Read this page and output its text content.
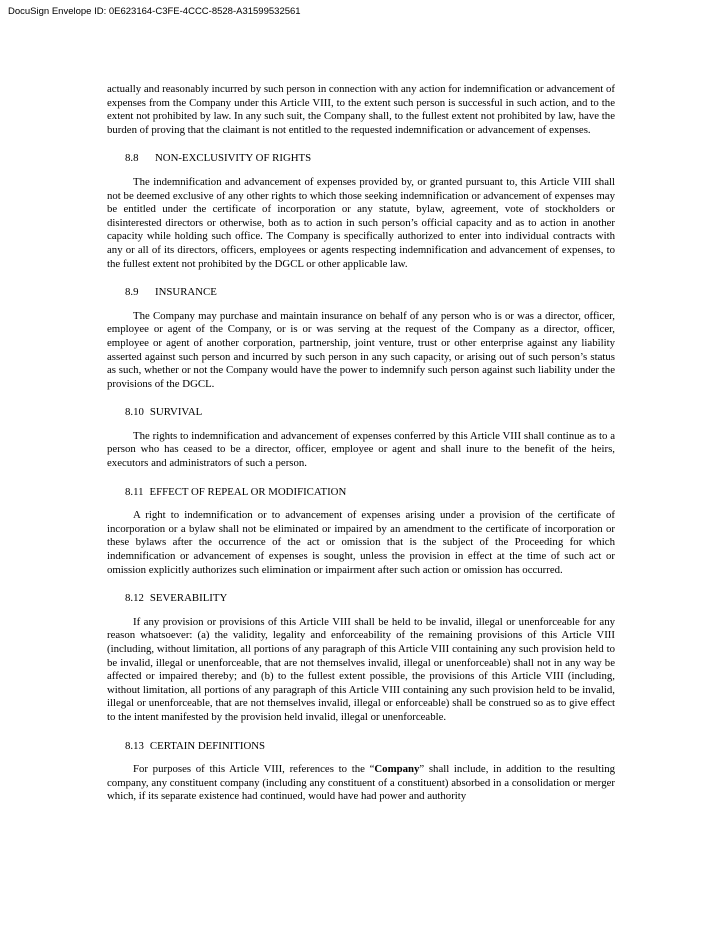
DocuSign Envelope ID: 0E623164-C3FE-4CCC-8528-A31599532561

actually and reasonably incurred by such person in connection with any action for indemnification or advancement of expenses from the Company under this Article VIII, to the extent such person is successful in such action, and to the extent not prohibited by law. In any such suit, the Company shall, to the fullest extent not prohibited by law, have the burden of proving that the claimant is not entitled to the requested indemnification or advancement of expenses.

8.8 NON-EXCLUSIVITY OF RIGHTS

The indemnification and advancement of expenses provided by, or granted pursuant to, this Article VIII shall not be deemed exclusive of any other rights to which those seeking indemnification or advancement of expenses may be entitled under the certificate of incorporation or any statute, bylaw, agreement, vote of stockholders or disinterested directors or otherwise, both as to action in such person’s official capacity and as to action in another capacity while holding such office. The Company is specifically authorized to enter into individual contracts with any or all of its directors, officers, employees or agents respecting indemnification and advancement of expenses, to the fullest extent not prohibited by the DGCL or other applicable law.

8.9 INSURANCE

The Company may purchase and maintain insurance on behalf of any person who is or was a director, officer, employee or agent of the Company, or is or was serving at the request of the Company as a director, officer, employee or agent of another corporation, partnership, joint venture, trust or other enterprise against any liability asserted against such person and incurred by such person in any such capacity, or arising out of such person’s status as such, whether or not the Company would have the power to indemnify such person against such liability under the provisions of the DGCL.

8.10 SURVIVAL

The rights to indemnification and advancement of expenses conferred by this Article VIII shall continue as to a person who has ceased to be a director, officer, employee or agent and shall inure to the benefit of the heirs, executors and administrators of such a person.

8.11 EFFECT OF REPEAL OR MODIFICATION

A right to indemnification or to advancement of expenses arising under a provision of the certificate of incorporation or a bylaw shall not be eliminated or impaired by an amendment to the certificate of incorporation or these bylaws after the occurrence of the act or omission that is the subject of the Proceeding for which indemnification or advancement of expenses is sought, unless the provision in effect at the time of such act or omission explicitly authorizes such elimination or impairment after such action or omission has occurred.

8.12 SEVERABILITY

If any provision or provisions of this Article VIII shall be held to be invalid, illegal or unenforceable for any reason whatsoever: (a) the validity, legality and enforceability of the remaining provisions of this Article VIII (including, without limitation, all portions of any paragraph of this Article VIII containing any such provision held to be invalid, illegal or unenforceable, that are not themselves invalid, illegal or unenforceable) shall not in any way be affected or impaired thereby; and (b) to the fullest extent possible, the provisions of this Article VIII (including, without limitation, all portions of any paragraph of this Article VIII containing any such provision held to be invalid, illegal or unenforceable, that are not themselves invalid, illegal or enforceable) shall be construed so as to give effect to the intent manifested by the provision held invalid, illegal or unenforceable.

8.13 CERTAIN DEFINITIONS

For purposes of this Article VIII, references to the “Company” shall include, in addition to the resulting company, any constituent company (including any constituent of a constituent) absorbed in a consolidation or merger which, if its separate existence had continued, would have had power and authority
